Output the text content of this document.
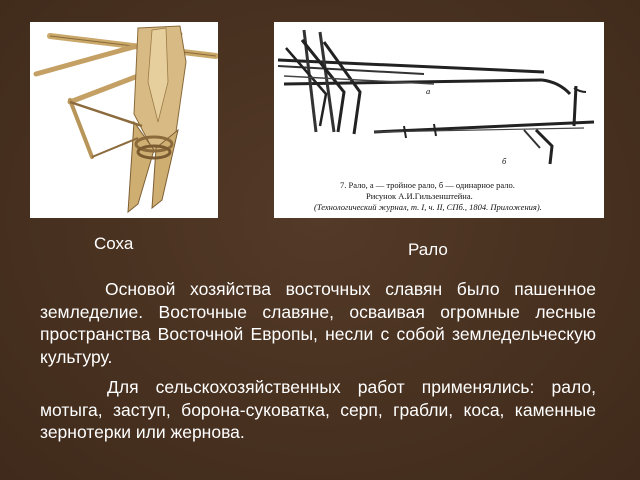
а
б
7. Рало, а — тройное рало, б — одинарное рало.
Рисунок А.И.Гильзенштейна.
(Технологический журнал, т. I, ч. II, СПб., 1804. Приложения).
Соха	Рало
Основой хозяйства восточных славян было пашенное земледелие. Восточные славяне, осваивая огромные лесные пространства Восточной Европы, несли с собой земледельческую культуру.
Для сельскохозяйственных работ применялись: рало, мотыга, заступ, борона-суковатка, серп, грабли, коса, каменные зернотерки или жернова.
